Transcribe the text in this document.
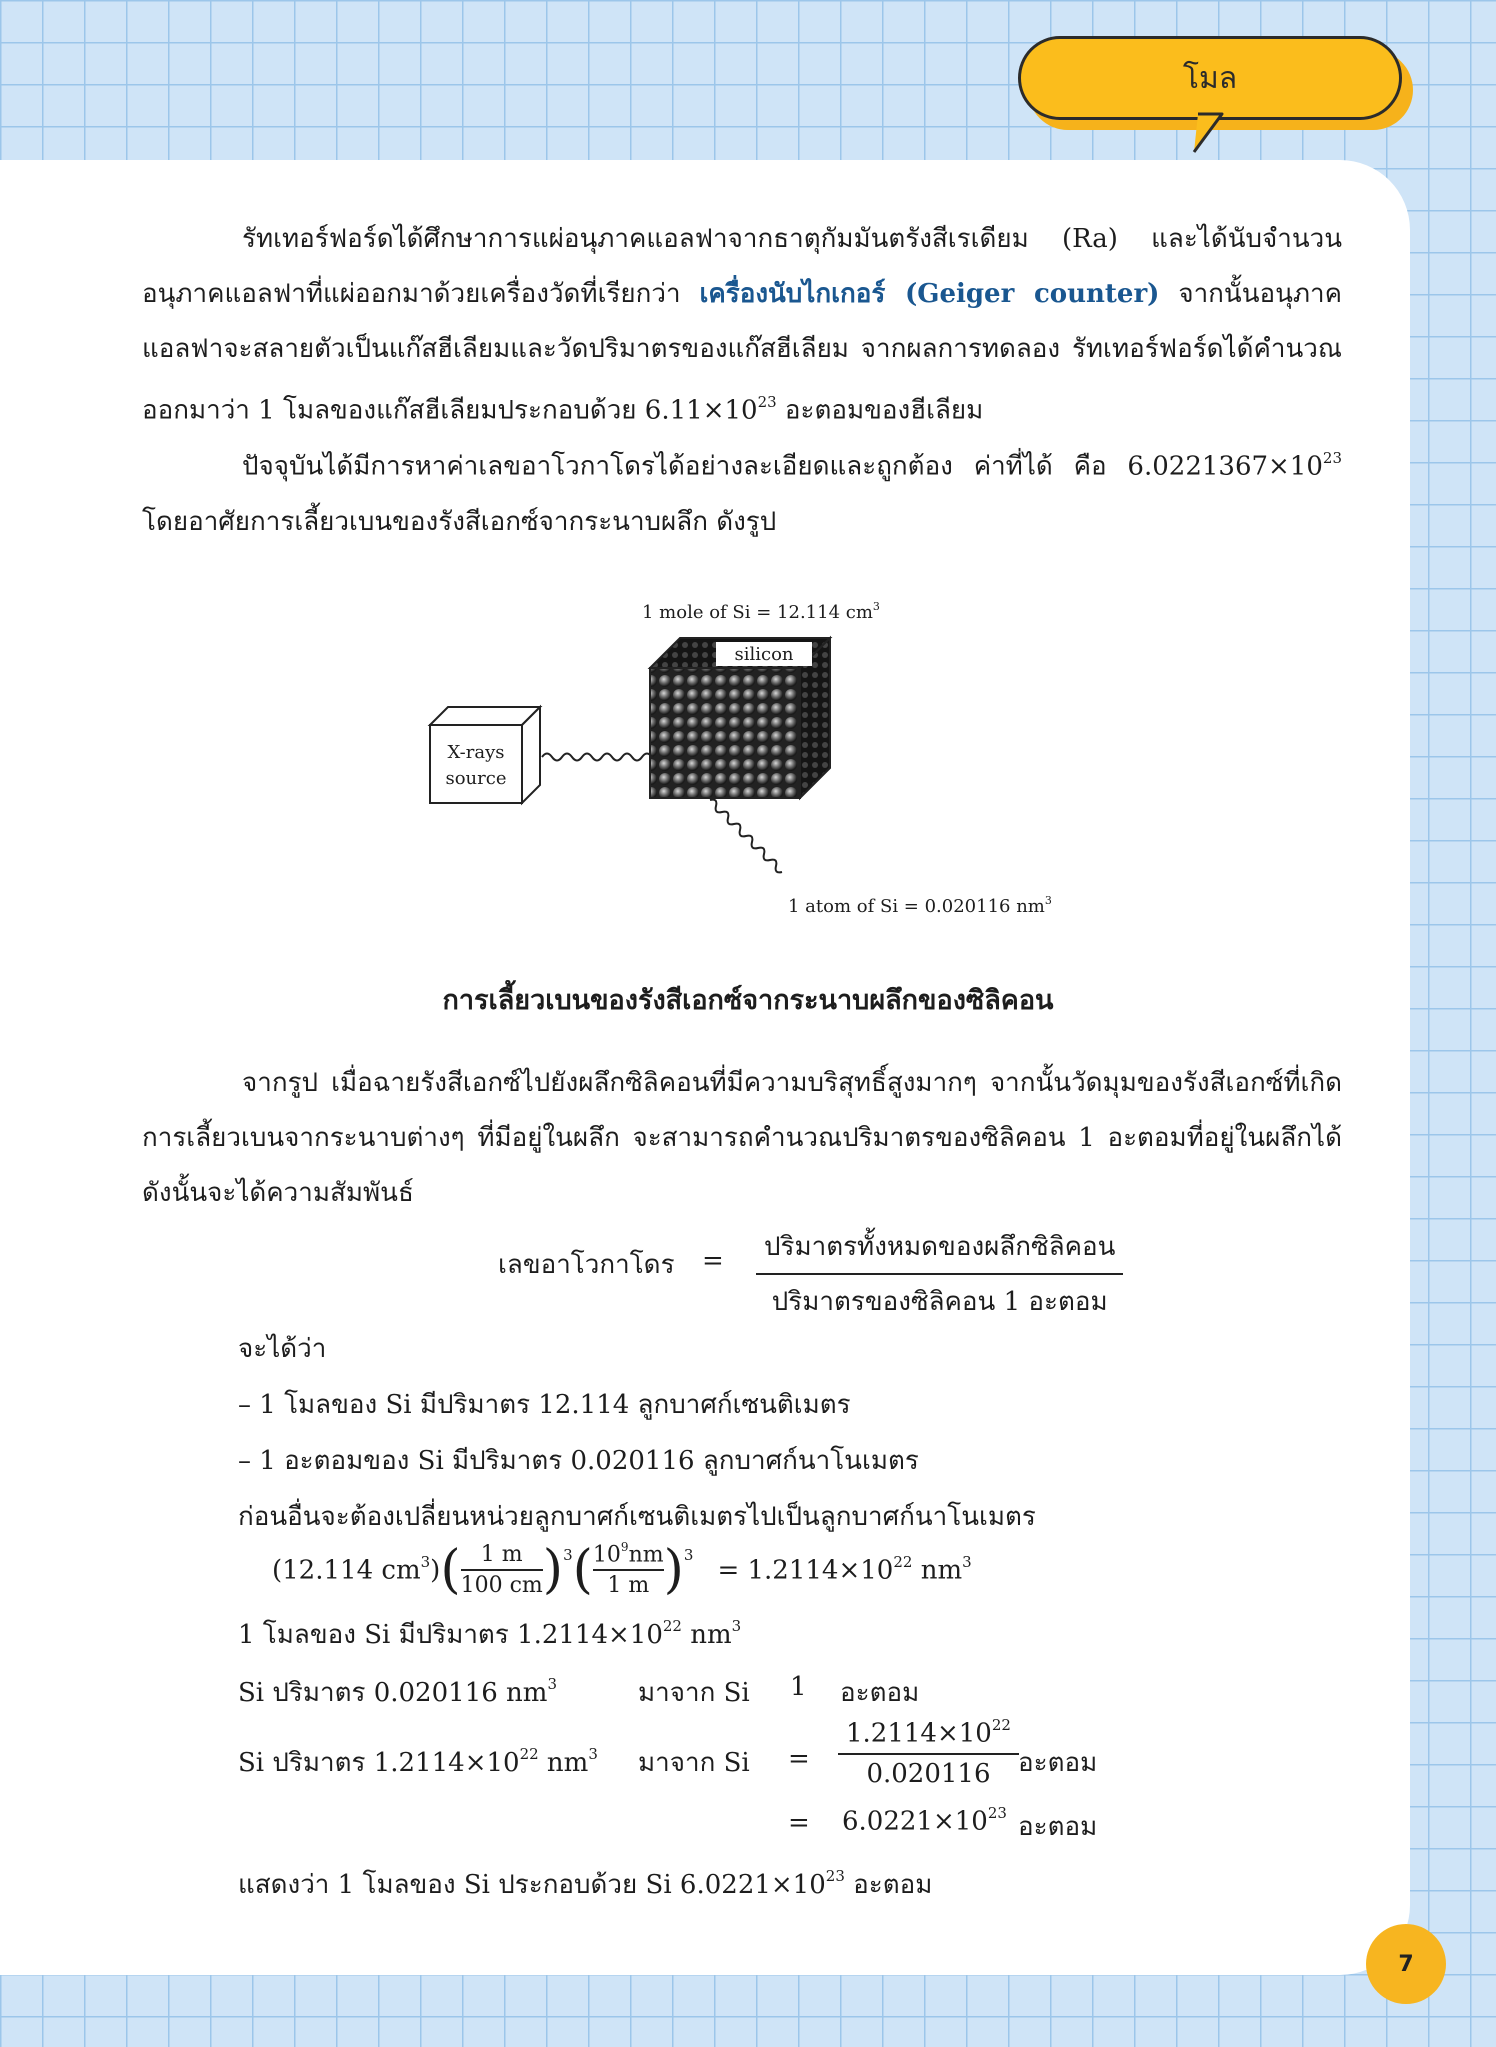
โมล

รัทเทอร์ฟอร์ดได้ศึกษาการแผ่อนุภาคแอลฟาจากธาตุกัมมันตรังสีเรเดียม (Ra) และได้นับจำนวนอนุภาคแอลฟาที่แผ่ออกมาด้วยเครื่องวัดที่เรียกว่า เครื่องนับไกเกอร์ (Geiger counter) จากนั้นอนุภาคแอลฟาจะสลายตัวเป็นแก๊สฮีเลียมและวัดปริมาตรของแก๊สฮีเลียม จากผลการทดลอง รัทเทอร์ฟอร์ดได้คำนวณออกมาว่า 1 โมลของแก๊สฮีเลียมประกอบด้วย $6.11\times 10^{23}$ อะตอมของฮีเลียม

ปัจจุบันได้มีการหาค่าเลขอาโวกาโดรได้อย่างละเอียดและถูกต้อง ค่าที่ได้ คือ $6.0221367\times 10^{23}$ โดยอาศัยการเลี้ยวเบนของรังสีเอกซ์จากระนาบผลึก ดังรูป

1 mole of Si = 12.114 $cm^3$
silicon
X-rays
source
1 atom of Si = 0.020116 $nm^3$
การเลี้ยวเบนของรังสีเอกซ์จากระนาบผลึกของซิลิคอน

จากรูป เมื่อฉายรังสีเอกซ์ไปยังผลึกซิลิคอนที่มีความบริสุทธิ์สูงมากๆ จากนั้นวัดมุมของรังสีเอกซ์ที่เกิดการเลี้ยวเบนจากระนาบต่างๆ ที่มีอยู่ในผลึก จะสามารถคำนวณปริมาตรของซิลิคอน 1 อะตอมที่อยู่ในผลึกได้ ดังนั้นจะได้ความสัมพันธ์

เลขอาโวกาโดร =	ปริมาตรทั้งหมดของผลึกซิลิคอน
ปริมาตรของซิลิคอน 1 อะตอม
จะได้ว่า
– 1 โมลของ Si มีปริมาตร 12.114 ลูกบาศก์เซนติเมตร
– 1 อะตอมของ Si มีปริมาตร 0.020116 ลูกบาศก์นาโนเมตร
ก่อนอื่นจะต้องเปลี่ยนหน่วยลูกบาศก์เซนติเมตรไปเป็นลูกบาศก์นาโนเมตร
(12.114 $cm^3$) ( 1 m
100 cm )$^3$ ( $10^9nm$
1 m )$^3$
= $1.2114\times 10^{22}$ $nm^3$
1 โมลของ Si มีปริมาตร $1.2114\times 10^{22}$ $nm^3$
Si ปริมาตร 0.020116 $nm^3$	มาจาก Si 1 อะตอม
Si ปริมาตร $1.2114\times 10^{22}$ $nm^3$ มาจาก Si =
$1.2114\times 10^{22}$
0.020116	อะตอม
= $6.0221\times 10^{23}$ อะตอม
แสดงว่า 1 โมลของ Si ประกอบด้วย Si $6.0221\times 10^{23}$ อะตอม
7
